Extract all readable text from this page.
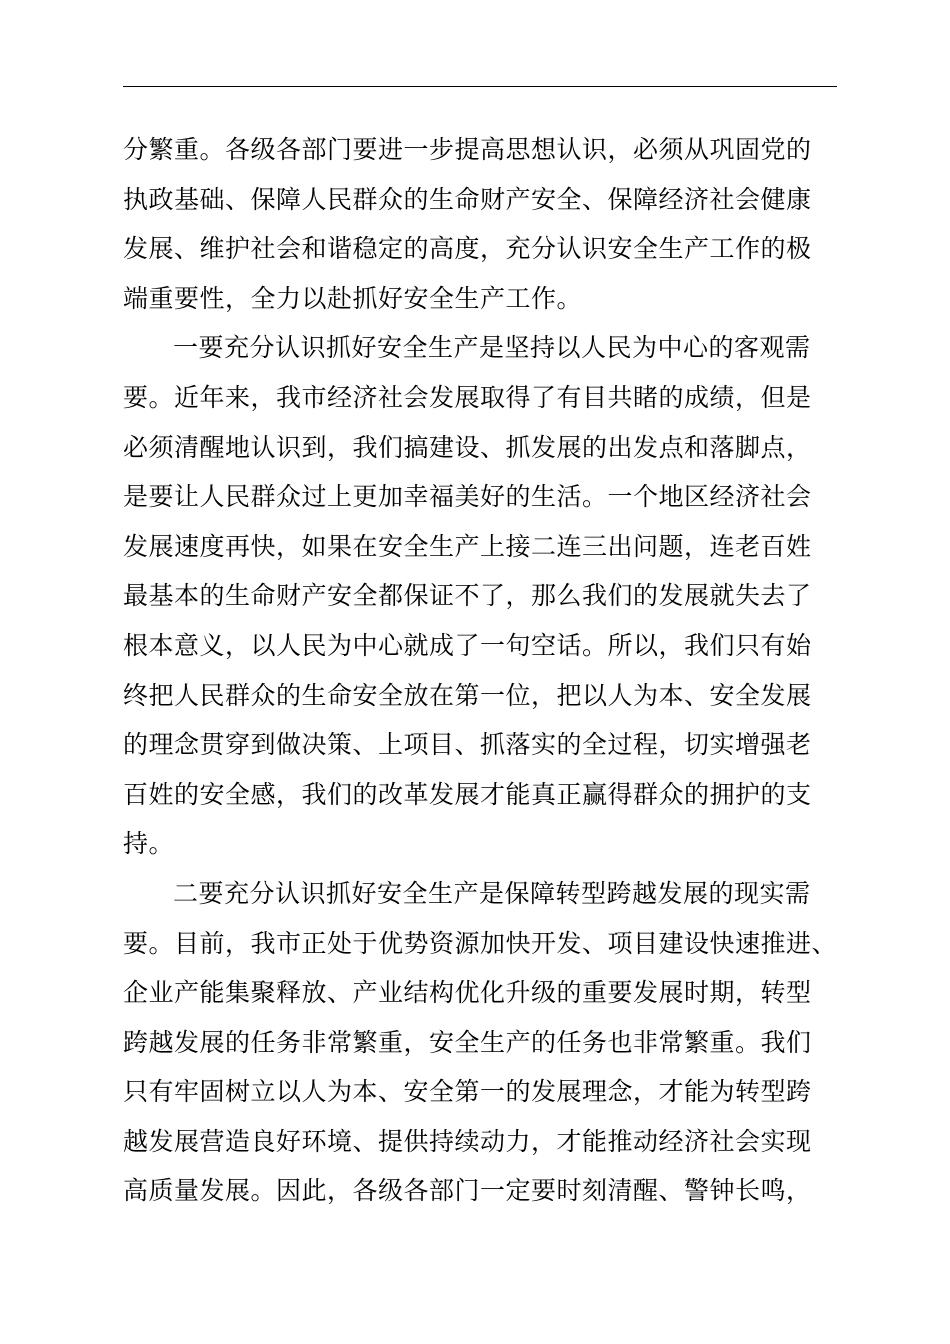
分繁重。各级各部门要进一步提高思想认识，必须从巩固党的
执政基础、保障人民群众的生命财产安全、保障经济社会健康
发展、维护社会和谐稳定的高度，充分认识安全生产工作的极
端重要性，全力以赴抓好安全生产工作。
一要充分认识抓好安全生产是坚持以人民为中心的客观需
要。近年来，我市经济社会发展取得了有目共睹的成绩，但是
必须清醒地认识到，我们搞建设、抓发展的出发点和落脚点，
是要让人民群众过上更加幸福美好的生活。一个地区经济社会
发展速度再快，如果在安全生产上接二连三出问题，连老百姓
最基本的生命财产安全都保证不了，那么我们的发展就失去了
根本意义，以人民为中心就成了一句空话。所以，我们只有始
终把人民群众的生命安全放在第一位，把以人为本、安全发展
的理念贯穿到做决策、上项目、抓落实的全过程，切实增强老
百姓的安全感，我们的改革发展才能真正赢得群众的拥护的支
持。
二要充分认识抓好安全生产是保障转型跨越发展的现实需
要。目前，我市正处于优势资源加快开发、项目建设快速推进、
企业产能集聚释放、产业结构优化升级的重要发展时期，转型
跨越发展的任务非常繁重，安全生产的任务也非常繁重。我们
只有牢固树立以人为本、安全第一的发展理念，才能为转型跨
越发展营造良好环境、提供持续动力，才能推动经济社会实现
高质量发展。因此，各级各部门一定要时刻清醒、警钟长鸣，
